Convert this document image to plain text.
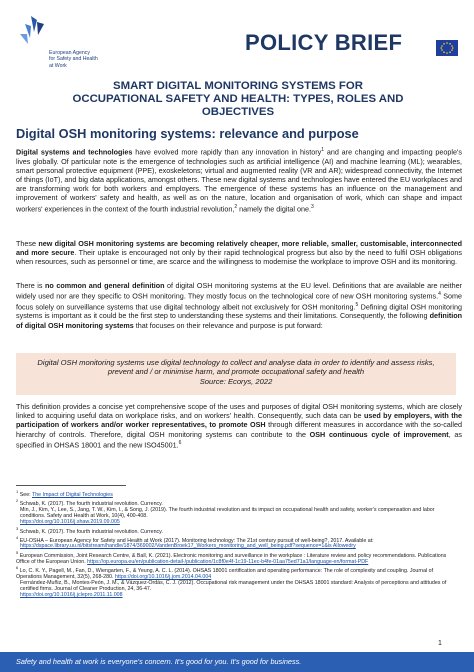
European Agency
for Safety and Health
at Work
POLICY BRIEF
SMART DIGITAL MONITORING SYSTEMS FOR
OCCUPATIONAL SAFETY AND HEALTH: TYPES, ROLES AND
OBJECTIVES
Digital OSH monitoring systems: relevance and purpose
Digital systems and technologies have evolved more rapidly than any innovation in history$^1$ and are changing and impacting people's lives globally. Of particular note is the emergence of technologies such as artificial intelligence (AI) and machine learning (ML); wearables, smart personal protective equipment (PPE), exoskeletons; virtual and augmented reality (VR and AR); widespread connectivity, the Internet of things (IoT), and big data applications, amongst others. These new digital systems and technologies have entered the EU workplaces and are transforming work for both workers and employers. The emergence of these systems has an influence on the management and improvement of workers' safety and health, as well as on the nature, location and organisation of work, which can shape and impact workers' experiences in the context of the fourth industrial revolution,$^2$ namely the digital one.$^3$
These new digital OSH monitoring systems are becoming relatively cheaper, more reliable, smaller, customisable, interconnected and more secure. Their uptake is encouraged not only by their rapid technological progress but also by the need to fulfil OSH obligations when resources, such as personnel or time, are scarce and the willingness to modernise the workplace to improve OSH and its monitoring.
There is no common and general definition of digital OSH monitoring systems at the EU level. Definitions that are available are neither widely used nor are they specific to OSH monitoring. They mostly focus on the technological core of new OSH monitoring systems.$^4$ Some focus solely on surveillance systems that use digital technology albeit not exclusively for OSH monitoring.$^5$ Defining digital OSH monitoring systems is important as it could be the first step to understanding these systems and their limitations. Consequently, the following definition of digital OSH monitoring systems that focuses on their relevance and purpose is put forward:
Digital OSH monitoring systems use digital technology to collect and analyse data in order to identify and assess risks, prevent and / or minimise harm, and promote occupational safety and health
Source: Ecorys, 2022
This definition provides a concise yet comprehensive scope of the uses and purposes of digital OSH monitoring systems, which are closely linked to acquiring useful data on workplace risks, and on workers' health. Consequently, such data can be used by employers, with the participation of workers and/or worker representatives, to promote OSH through different measures in accordance with the so-called hierarchy of controls. Therefore, digital OSH monitoring systems can contribute to the OSH continuous cycle of improvement, as specified in OHSAS 18001 and the new ISO45001.$^6$
$^1$ See: The Impact of Digital Technologies
$^2$ Schwab, K. (2017). The fourth industrial revolution. Currency.
Min, J., Kim, Y., Lee, S., Jang, T. W., Kim, I., & Song, J. (2019). The fourth industrial revolution and its impact on occupational health and safety, worker's compensation and labor conditions. Safety and Health at Work, 10(4), 400-408.
https://doi.org/10.1016/j.shaw.2019.09.005
$^3$ Schwab, K. (2017). The fourth industrial revolution. Currency.
$^4$ EU-OSHA – European Agency for Safety and Health at Work (2017). Monitoring technology: The 21st century pursuit of well-being?, 2017. Available at:
https://dspace.library.uu.nl/bitstream/handle/1874/369002/VandenBroek17_Workers_monitoring_and_well_being.pdf?sequence=1&is Allowedry
$^5$ European Commission, Joint Research Centre, & Ball, K. (2021). Electronic monitoring and surveillance in the workplace : Literature review and policy recommendations. Publications Office of the European Union. https://op.europa.eu/en/publication-detail-/publication/1c8f0e4f-1c19-11ec-b4fe-01aa75ed71a1/language-en/format-PDF
$^6$ Lo, C. K. Y., Pagell, M., Fan, D., Wiengarten, F., & Yeung, A. C. L. (2014). OHSAS 18001 certification and operating performance: The role of complexity and coupling. Journal of Operations Management, 32(5), 268-280. https://doi.org/10.1016/j.jom.2014.04.004
Fernández-Muñiz, B., Montes-Peón, J. M., & Vázquez-Ordás, C. J. (2012). Occupational risk management under the OHSAS 18001 standard: Analysis of perceptions and attitudes of certified firms. Journal of Cleaner Production, 24, 36-47.
https://doi.org/10.1016/j.jclepro.2011.11.008
1
Safety and health at work is everyone's concern. It's good for you. It's good for business.
